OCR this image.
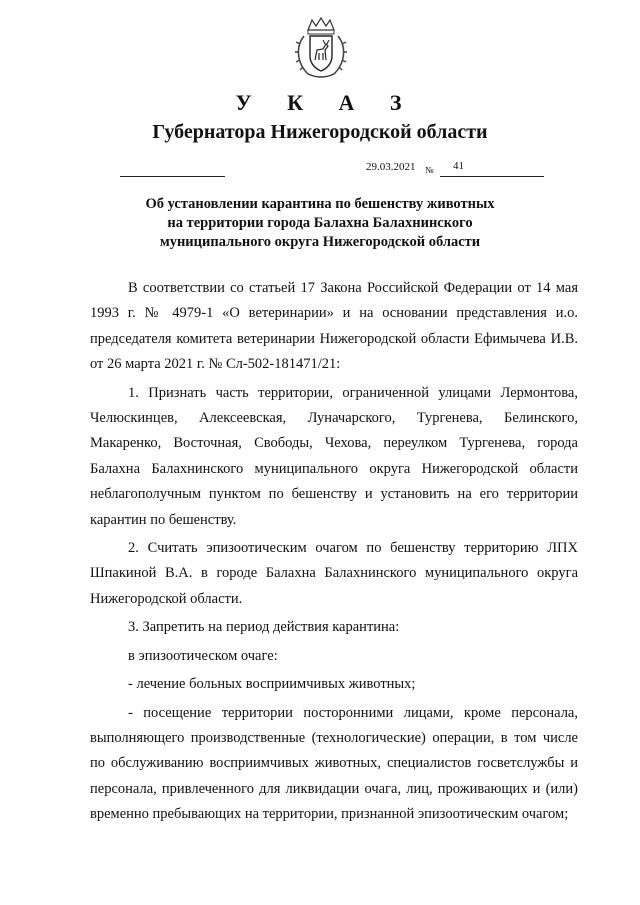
У К А З
Губернатора Нижегородской области
29.03.2021 № 41
Об установлении карантина по бешенству животных
на территории города Балахна Балахнинского
муниципального округа Нижегородской области

В соответствии со статьей 17 Закона Российской Федерации от 14 мая 1993 г. № 4979-1 «О ветеринарии» и на основании представления и.о. председателя комитета ветеринарии Нижегородской области Ефимычева И.В. от 26 марта 2021 г. № Сл-502-181471/21:

1. Признать часть территории, ограниченной улицами Лермонтова, Челюскинцев, Алексеевская, Луначарского, Тургенева, Белинского, Макаренко, Восточная, Свободы, Чехова, переулком Тургенева, города Балахна Балахнинского муниципального округа Нижегородской области неблагополучным пунктом по бешенству и установить на его территории карантин по бешенству.

2. Считать эпизоотическим очагом по бешенству территорию ЛПХ Шпакиной В.А. в городе Балахна Балахнинского муниципального округа Нижегородской области.

3. Запретить на период действия карантина:

в эпизоотическом очаге:

- лечение больных восприимчивых животных;

- посещение территории посторонними лицами, кроме персонала, выполняющего производственные (технологические) операции, в том числе по обслуживанию восприимчивых животных, специалистов госветслужбы и персонала, привлеченного для ликвидации очага, лиц, проживающих и (или) временно пребывающих на территории, признанной эпизоотическим очагом;
